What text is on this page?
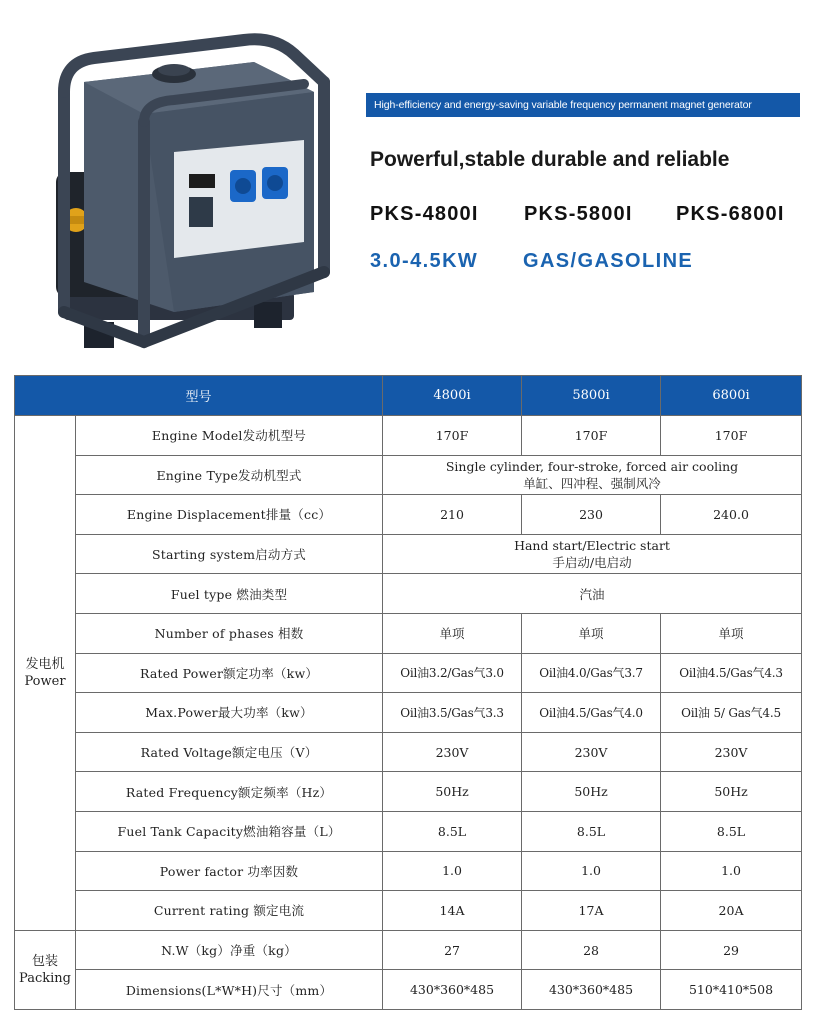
High-efficiency and energy-saving variable frequency permanent magnet generator
Powerful,stable durable and reliable
PKS-4800I PKS-5800I PKS-6800I
3.0-4.5KW GAS/GASOLINE
型号		4800i	5800i	6800i
发电机
Power	Engine Model发动机型号	170F	170F	170F
	Engine Type发动机型式	Single cylinder, four-stroke, forced air cooling
单缸、四冲程、强制风冷		
	Engine Displacement排量（cc）	210	230	240.0
	Starting system启动方式	Hand start/Electric start
手启动/电启动		
	Fuel type 燃油类型	汽油		
	Number of phases 相数	单项	单项	单项
	Rated Power额定功率（kw）	Oil油3.2/Gas气3.0	Oil油4.0/Gas气3.7	Oil油4.5/Gas气4.3
	Max.Power最大功率（kw）	Oil油3.5/Gas气3.3	Oil油4.5/Gas气4.0	Oil油 5/ Gas气4.5
	Rated Voltage额定电压（V）	230V	230V	230V
	Rated Frequency额定频率（Hz）	50Hz	50Hz	50Hz
	Fuel Tank Capacity燃油箱容量（L）	8.5L	8.5L	8.5L
	Power factor 功率因数	1.0	1.0	1.0
	Current rating 额定电流	14A	17A	20A
包装
Packing	N.W（kg）净重（kg）	27	28	29
	Dimensions(L*W*H)尺寸（mm）	430*360*485	430*360*485	510*410*508
